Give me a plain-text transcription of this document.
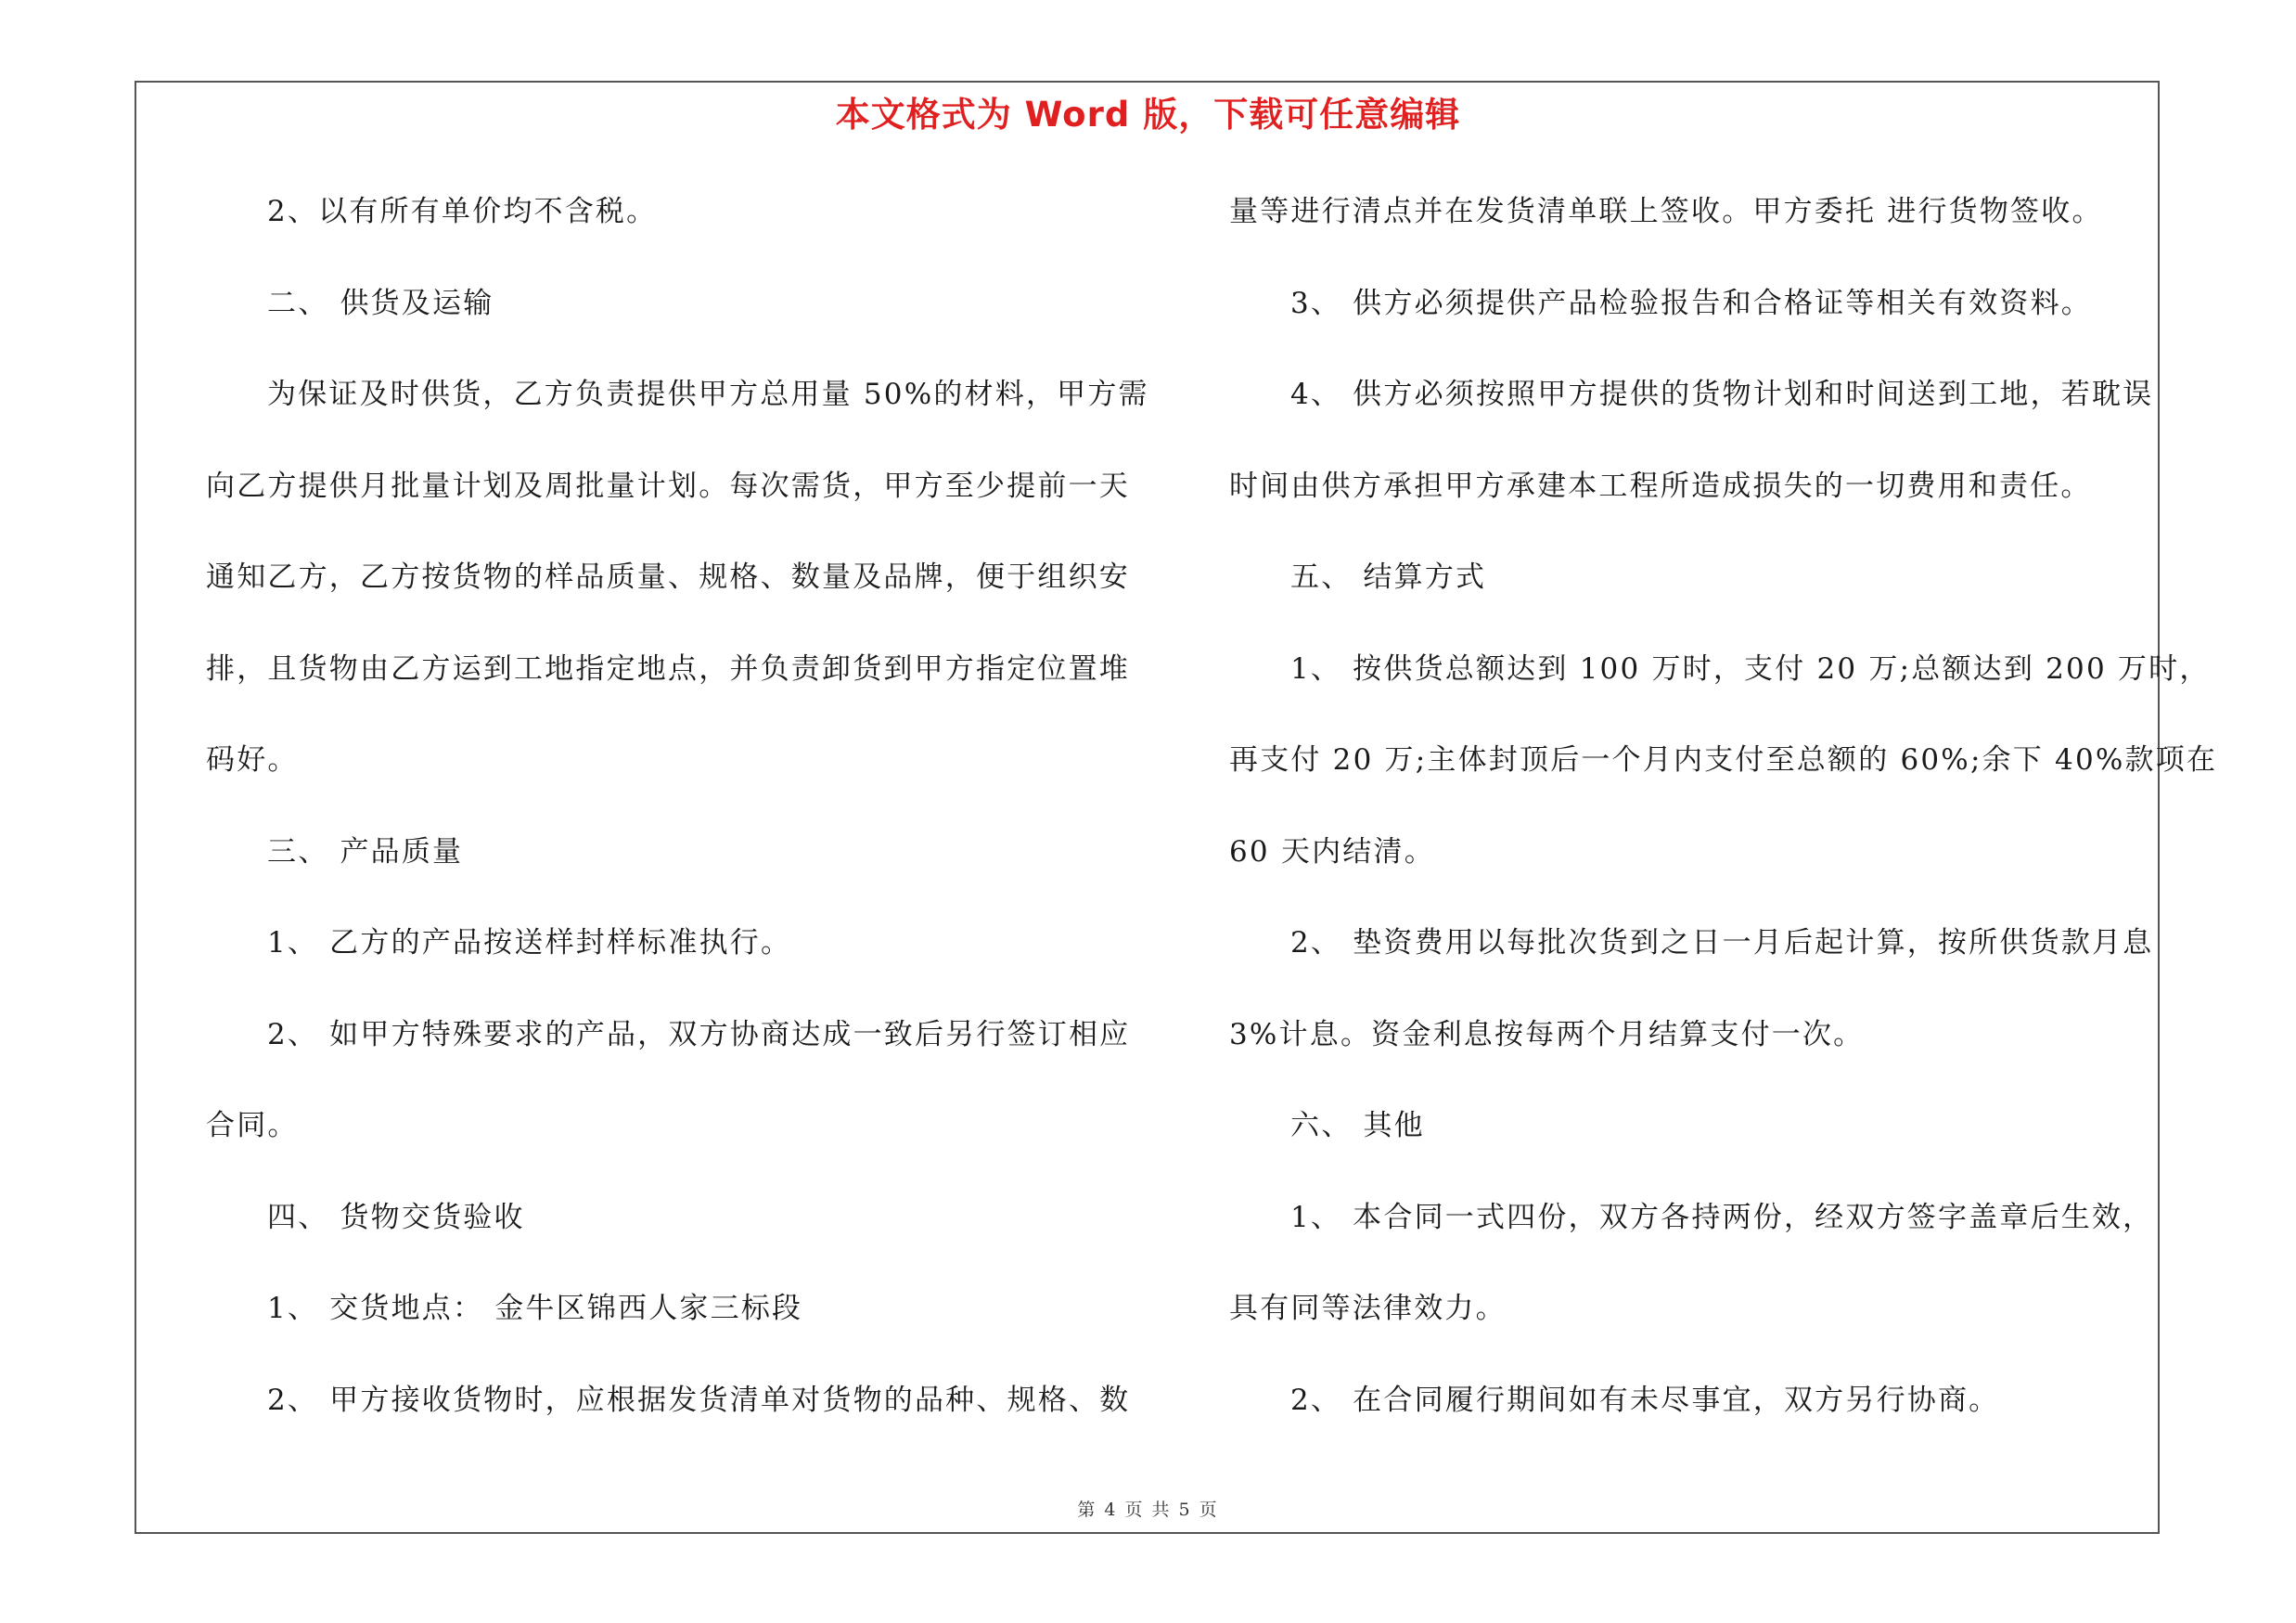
本文格式为 Word 版，下载可任意编辑
2、以有所有单价均不含税。
二、 供货及运输
为保证及时供货，乙方负责提供甲方总用量 50%的材料，甲方需
向乙方提供月批量计划及周批量计划。每次需货，甲方至少提前一天
通知乙方，乙方按货物的样品质量、规格、数量及品牌，便于组织安
排，且货物由乙方运到工地指定地点，并负责卸货到甲方指定位置堆
码好。
三、 产品质量
1、 乙方的产品按送样封样标准执行。
2、 如甲方特殊要求的产品，双方协商达成一致后另行签订相应
合同。
四、 货物交货验收
1、 交货地点： 金牛区锦西人家三标段
2、 甲方接收货物时，应根据发货清单对货物的品种、规格、数
量等进行清点并在发货清单联上签收。甲方委托 进行货物签收。
3、 供方必须提供产品检验报告和合格证等相关有效资料。
4、 供方必须按照甲方提供的货物计划和时间送到工地，若耽误
时间由供方承担甲方承建本工程所造成损失的一切费用和责任。
五、 结算方式
1、 按供货总额达到 100 万时，支付 20 万;总额达到 200 万时，
再支付 20 万;主体封顶后一个月内支付至总额的 60%;余下 40%款项在
60 天内结清。
2、 垫资费用以每批次货到之日一月后起计算，按所供货款月息
3%计息。资金利息按每两个月结算支付一次。
六、 其他
1、 本合同一式四份，双方各持两份，经双方签字盖章后生效，
具有同等法律效力。
2、 在合同履行期间如有未尽事宜，双方另行协商。
第 4 页 共 5 页
